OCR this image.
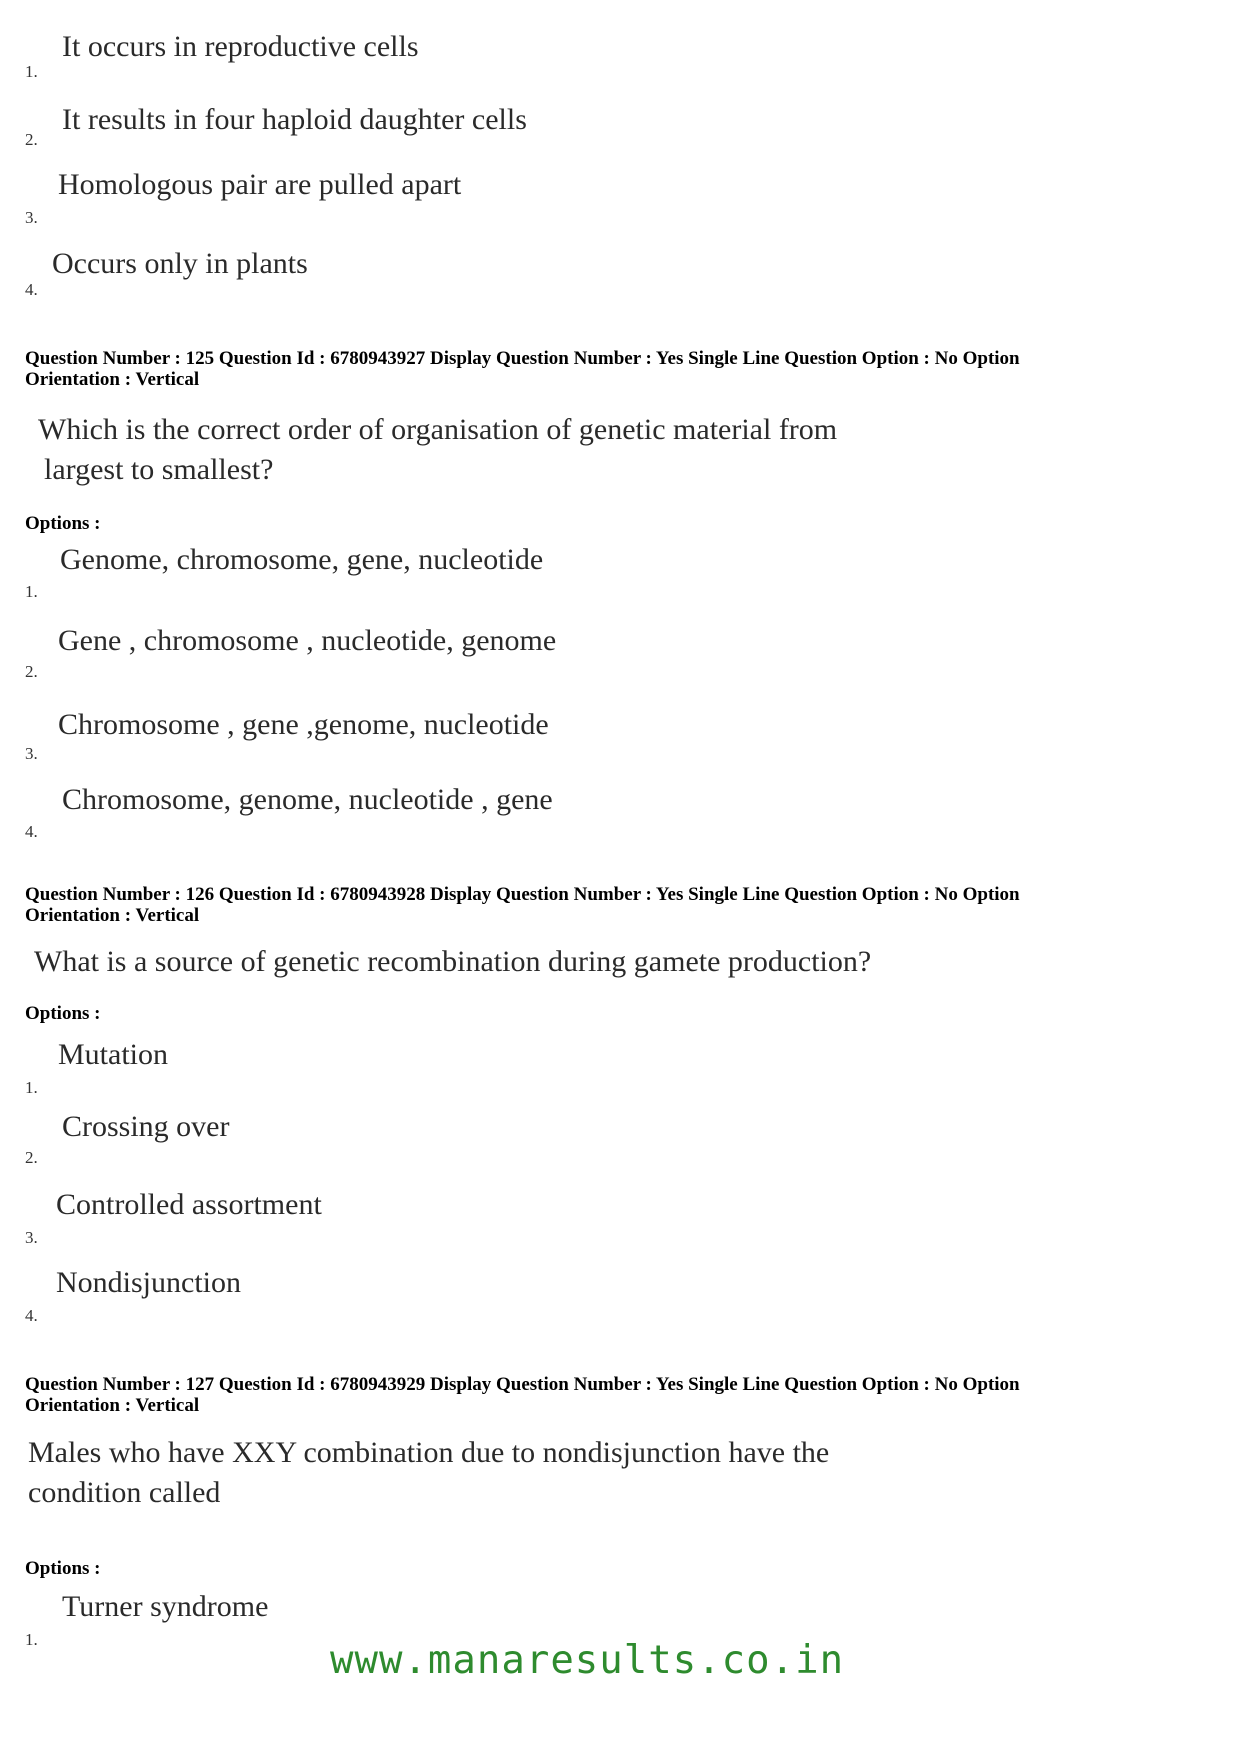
It occurs in reproductive cells
1.
It results in four haploid daughter cells
2.
Homologous pair are pulled apart
3.
Occurs only in plants
4.
Question Number : 125 Question Id : 6780943927 Display Question Number : Yes Single Line Question Option : No Option
Orientation : Vertical
Which is the correct order of organisation of genetic material from
largest to smallest?
Options :
Genome, chromosome, gene, nucleotide
1.
Gene , chromosome , nucleotide, genome
2.
Chromosome , gene ,genome, nucleotide
3.
Chromosome, genome, nucleotide , gene
4.
Question Number : 126 Question Id : 6780943928 Display Question Number : Yes Single Line Question Option : No Option
Orientation : Vertical
What is a source of genetic recombination during gamete production?
Options :
Mutation
1.
Crossing over
2.
Controlled assortment
3.
Nondisjunction
4.
Question Number : 127 Question Id : 6780943929 Display Question Number : Yes Single Line Question Option : No Option
Orientation : Vertical
Males who have XXY combination due to nondisjunction have the
condition called
Options :
Turner syndrome
1.	www.manaresults.co.in
